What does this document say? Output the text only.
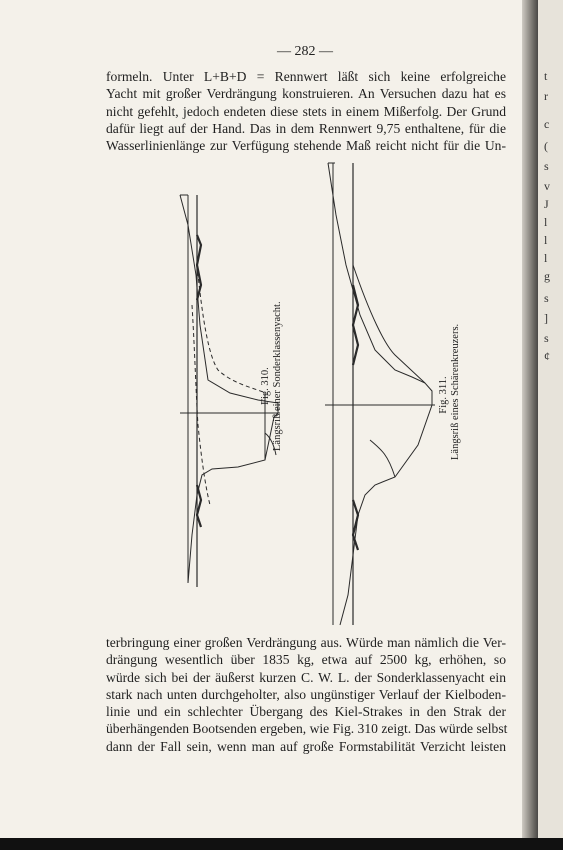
— 282 —

formeln. Unter L+B+D = Rennwert läßt sich keine erfolgreiche
Yacht mit großer Verdrängung konstruieren. An Versuchen dazu hat es
nicht gefehlt, jedoch endeten diese stets in einem Mißerfolg. Der Grund
dafür liegt auf der Hand. Das in dem Rennwert 9,75 enthaltene, für die
Wasserlinienlänge zur Verfügung stehende Maß reicht nicht für die Un-

Fig. 310. Längsriß einer Sonderklassenyacht.	Fig. 311. Längsriß eines Schärenkreuzers.

terbringung einer großen Verdrängung aus. Würde man nämlich die Ver-
drängung wesentlich über 1835 kg, etwa auf 2500 kg, erhöhen, so
würde sich bei der äußerst kurzen C. W. L. der Sonderklassenyacht ein
stark nach unten durchgeholter, also ungünstiger Verlauf der Kielboden-
linie und ein schlechter Übergang des Kiel-Strakes in den Strak der
überhängenden Bootsenden ergeben, wie Fig. 310 zeigt. Das würde selbst
dann der Fall sein, wenn man auf große Formstabilität Verzicht leisten

t
r
c
(
s
v
J
l
l
l
g
s
]
s
¢
